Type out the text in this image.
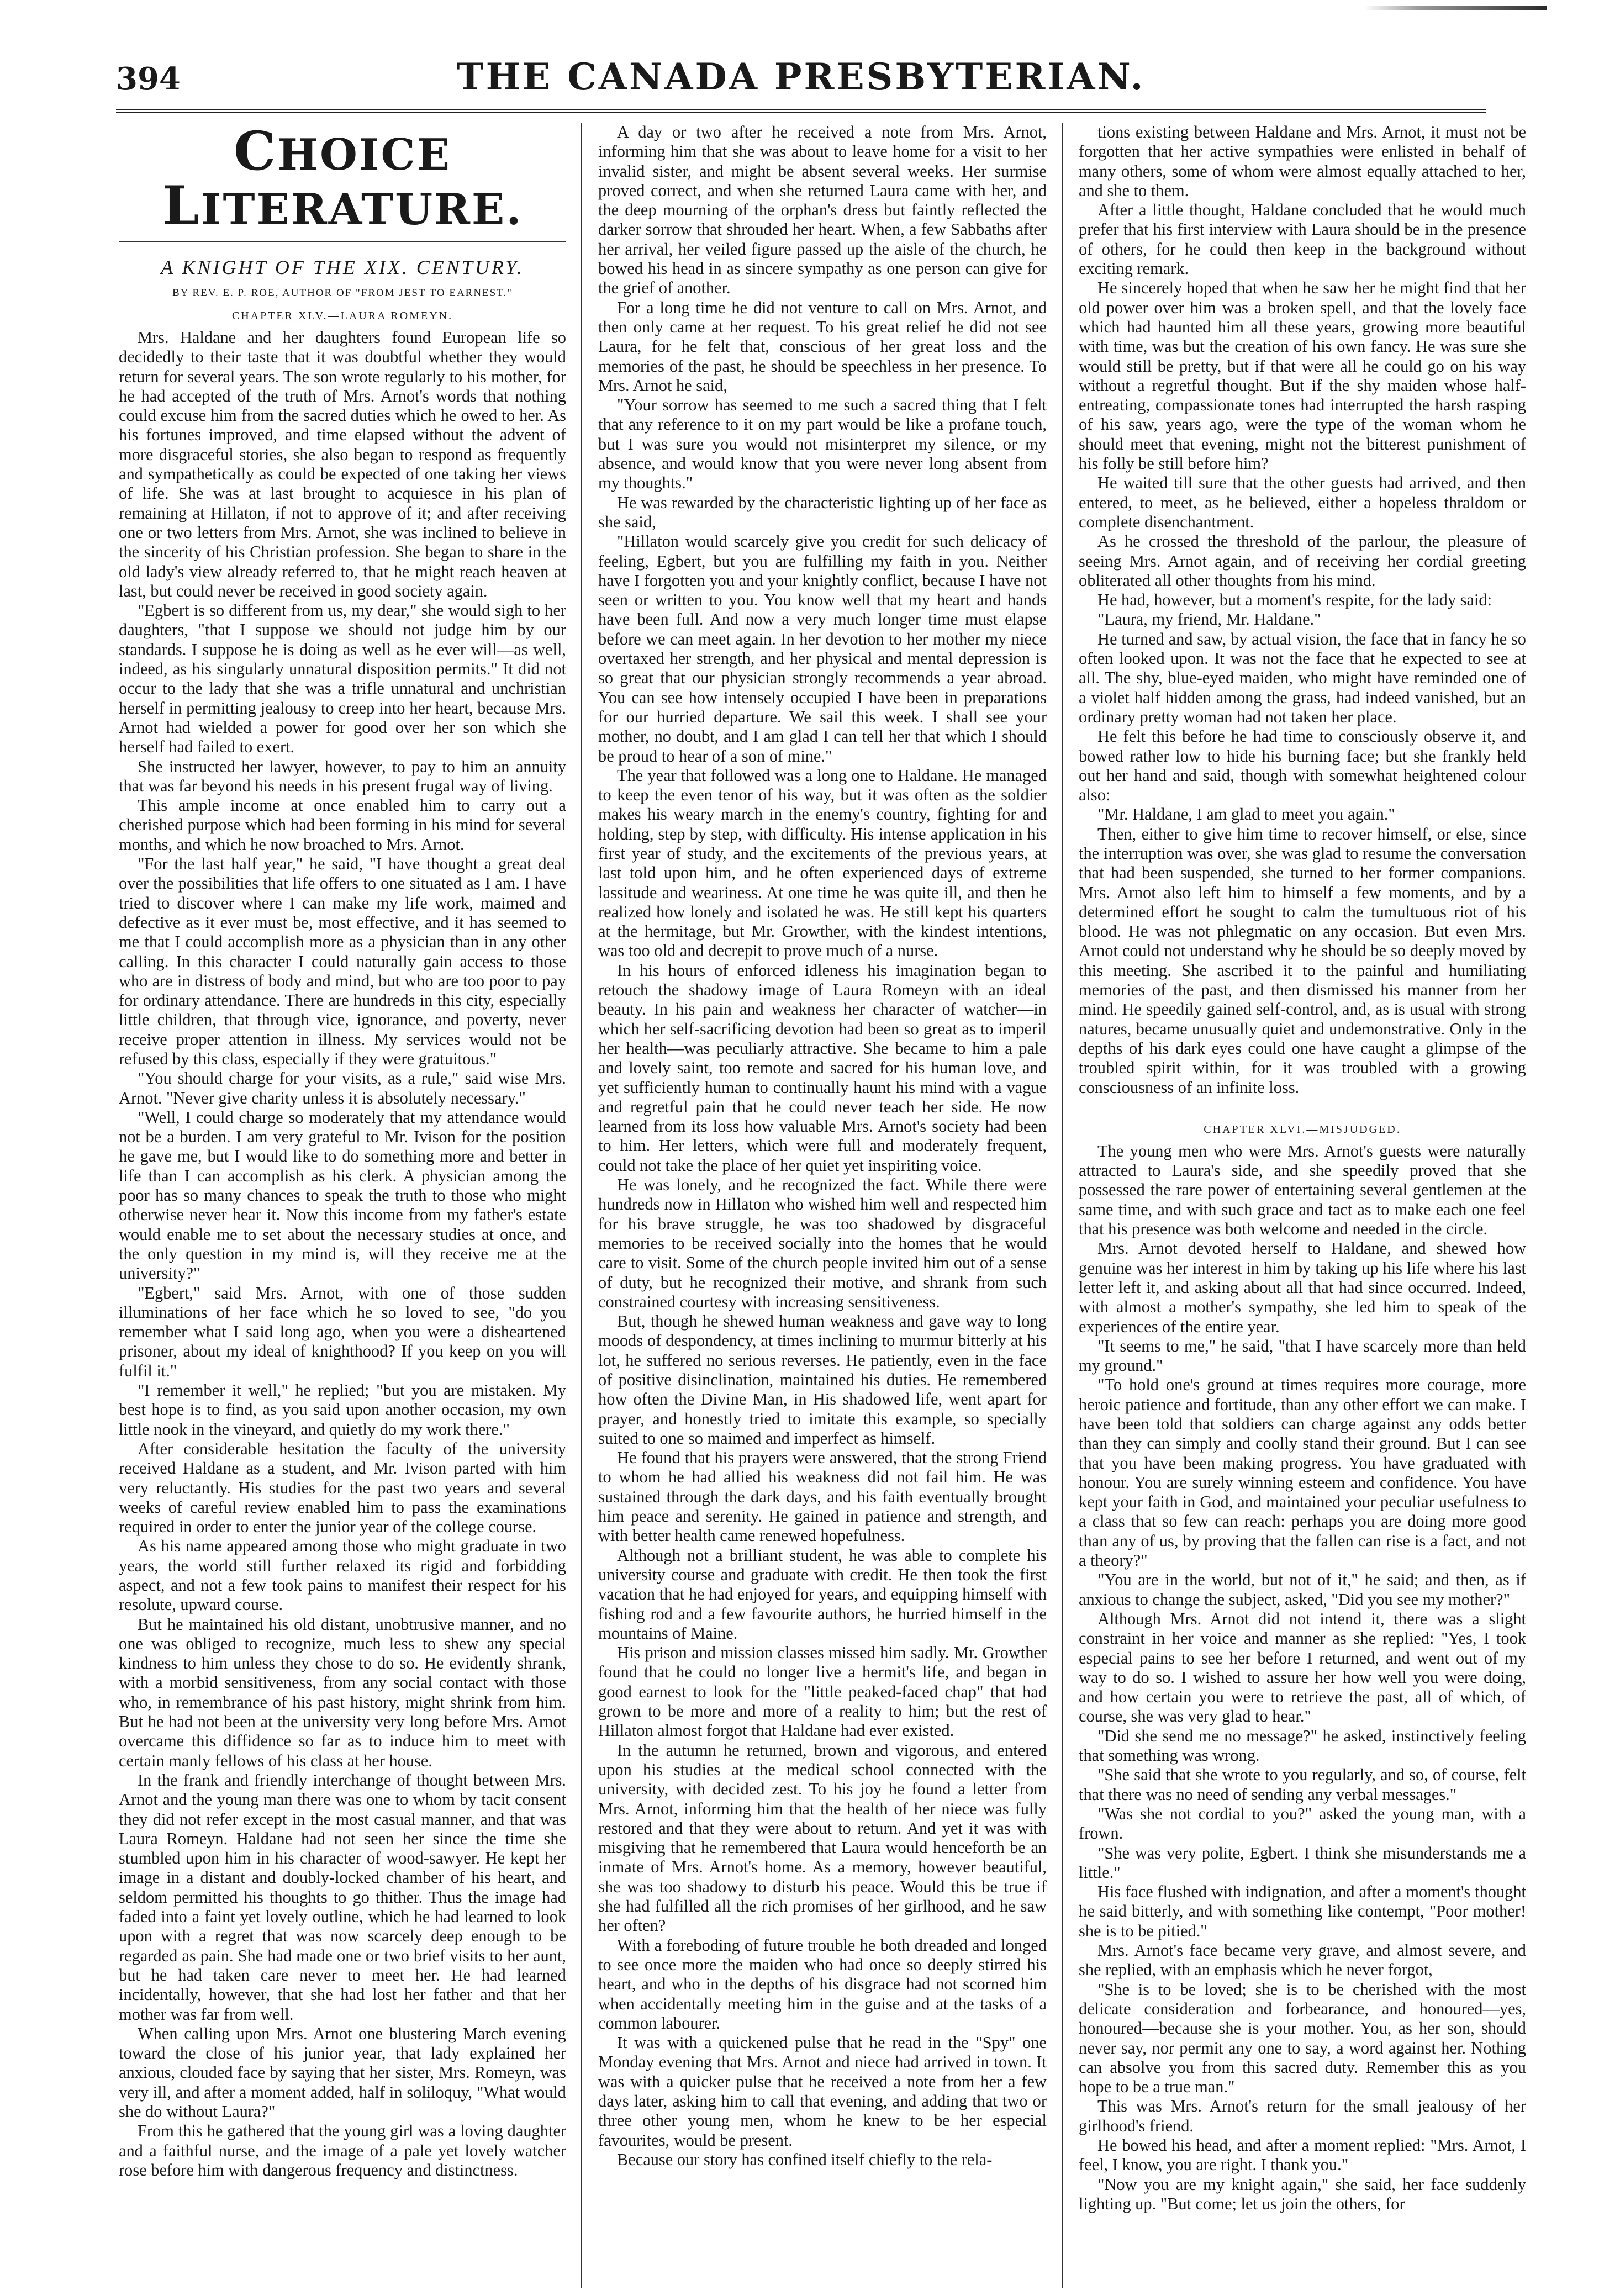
394	THE CANADA PRESBYTERIAN.
CHOICE LITERATURE.
A KNIGHT OF THE XIX. CENTURY.
BY REV. E. P. ROE, AUTHOR OF "FROM JEST TO EARNEST."
CHAPTER XLV.—LAURA ROMEYN.

Mrs. Haldane and her daughters found European life so decidedly to their taste that it was doubtful whether they would return for several years. The son wrote regularly to his mother, for he had accepted of the truth of Mrs. Arnot's words that nothing could excuse him from the sacred duties which he owed to her. As his fortunes improved, and time elapsed without the advent of more disgraceful stories, she also began to respond as frequently and sympathetically as could be expected of one taking her views of life. She was at last brought to acquiesce in his plan of remaining at Hillaton, if not to approve of it; and after receiving one or two letters from Mrs. Arnot, she was inclined to believe in the sincerity of his Christian profession. She began to share in the old lady's view already referred to, that he might reach heaven at last, but could never be received in good society again.

"Egbert is so different from us, my dear," she would sigh to her daughters, "that I suppose we should not judge him by our standards. I suppose he is doing as well as he ever will—as well, indeed, as his singularly unnatural disposition permits." It did not occur to the lady that she was a trifle unnatural and unchristian herself in permitting jealousy to creep into her heart, because Mrs. Arnot had wielded a power for good over her son which she herself had failed to exert.

She instructed her lawyer, however, to pay to him an annuity that was far beyond his needs in his present frugal way of living.

This ample income at once enabled him to carry out a cherished purpose which had been forming in his mind for several months, and which he now broached to Mrs. Arnot.

"For the last half year," he said, "I have thought a great deal over the possibilities that life offers to one situated as I am. I have tried to discover where I can make my life work, maimed and defective as it ever must be, most effective, and it has seemed to me that I could accomplish more as a physician than in any other calling. In this character I could naturally gain access to those who are in distress of body and mind, but who are too poor to pay for ordinary attendance. There are hundreds in this city, especially little children, that through vice, ignorance, and poverty, never receive proper attention in illness. My services would not be refused by this class, especially if they were gratuitous."

"You should charge for your visits, as a rule," said wise Mrs. Arnot. "Never give charity unless it is absolutely necessary."

"Well, I could charge so moderately that my attendance would not be a burden. I am very grateful to Mr. Ivison for the position he gave me, but I would like to do something more and better in life than I can accomplish as his clerk. A physician among the poor has so many chances to speak the truth to those who might otherwise never hear it. Now this income from my father's estate would enable me to set about the necessary studies at once, and the only question in my mind is, will they receive me at the university?"

"Egbert," said Mrs. Arnot, with one of those sudden illuminations of her face which he so loved to see, "do you remember what I said long ago, when you were a disheartened prisoner, about my ideal of knighthood? If you keep on you will fulfil it."

"I remember it well," he replied; "but you are mistaken. My best hope is to find, as you said upon another occasion, my own little nook in the vineyard, and quietly do my work there."

After considerable hesitation the faculty of the university received Haldane as a student, and Mr. Ivison parted with him very reluctantly. His studies for the past two years and several weeks of careful review enabled him to pass the examinations required in order to enter the junior year of the college course.

As his name appeared among those who might graduate in two years, the world still further relaxed its rigid and forbidding aspect, and not a few took pains to manifest their respect for his resolute, upward course.

But he maintained his old distant, unobtrusive manner, and no one was obliged to recognize, much less to shew any special kindness to him unless they chose to do so. He evidently shrank, with a morbid sensitiveness, from any social contact with those who, in remembrance of his past history, might shrink from him. But he had not been at the university very long before Mrs. Arnot overcame this diffidence so far as to induce him to meet with certain manly fellows of his class at her house.

In the frank and friendly interchange of thought between Mrs. Arnot and the young man there was one to whom by tacit consent they did not refer except in the most casual manner, and that was Laura Romeyn. Haldane had not seen her since the time she stumbled upon him in his character of wood-sawyer. He kept her image in a distant and doubly-locked chamber of his heart, and seldom permitted his thoughts to go thither. Thus the image had faded into a faint yet lovely outline, which he had learned to look upon with a regret that was now scarcely deep enough to be regarded as pain. She had made one or two brief visits to her aunt, but he had taken care never to meet her. He had learned incidentally, however, that she had lost her father and that her mother was far from well.

When calling upon Mrs. Arnot one blustering March evening toward the close of his junior year, that lady explained her anxious, clouded face by saying that her sister, Mrs. Romeyn, was very ill, and after a moment added, half in soliloquy, "What would she do without Laura?"

From this he gathered that the young girl was a loving daughter and a faithful nurse, and the image of a pale yet lovely watcher rose before him with dangerous frequency and distinctness.

A day or two after he received a note from Mrs. Arnot, informing him that she was about to leave home for a visit to her invalid sister, and might be absent several weeks. Her surmise proved correct, and when she returned Laura came with her, and the deep mourning of the orphan's dress but faintly reflected the darker sorrow that shrouded her heart. When, a few Sabbaths after her arrival, her veiled figure passed up the aisle of the church, he bowed his head in as sincere sympathy as one person can give for the grief of another.

For a long time he did not venture to call on Mrs. Arnot, and then only came at her request. To his great relief he did not see Laura, for he felt that, conscious of her great loss and the memories of the past, he should be speechless in her presence. To Mrs. Arnot he said,

"Your sorrow has seemed to me such a sacred thing that I felt that any reference to it on my part would be like a profane touch, but I was sure you would not misinterpret my silence, or my absence, and would know that you were never long absent from my thoughts."

He was rewarded by the characteristic lighting up of her face as she said,

"Hillaton would scarcely give you credit for such delicacy of feeling, Egbert, but you are fulfilling my faith in you. Neither have I forgotten you and your knightly conflict, because I have not seen or written to you. You know well that my heart and hands have been full. And now a very much longer time must elapse before we can meet again. In her devotion to her mother my niece overtaxed her strength, and her physical and mental depression is so great that our physician strongly recommends a year abroad. You can see how intensely occupied I have been in preparations for our hurried departure. We sail this week. I shall see your mother, no doubt, and I am glad I can tell her that which I should be proud to hear of a son of mine."

The year that followed was a long one to Haldane. He managed to keep the even tenor of his way, but it was often as the soldier makes his weary march in the enemy's country, fighting for and holding, step by step, with difficulty. His intense application in his first year of study, and the excitements of the previous years, at last told upon him, and he often experienced days of extreme lassitude and weariness. At one time he was quite ill, and then he realized how lonely and isolated he was. He still kept his quarters at the hermitage, but Mr. Growther, with the kindest intentions, was too old and decrepit to prove much of a nurse.

In his hours of enforced idleness his imagination began to retouch the shadowy image of Laura Romeyn with an ideal beauty. In his pain and weakness her character of watcher—in which her self-sacrificing devotion had been so great as to imperil her health—was peculiarly attractive. She became to him a pale and lovely saint, too remote and sacred for his human love, and yet sufficiently human to continually haunt his mind with a vague and regretful pain that he could never teach her side. He now learned from its loss how valuable Mrs. Arnot's society had been to him. Her letters, which were full and moderately frequent, could not take the place of her quiet yet inspiriting voice.

He was lonely, and he recognized the fact. While there were hundreds now in Hillaton who wished him well and respected him for his brave struggle, he was too shadowed by disgraceful memories to be received socially into the homes that he would care to visit. Some of the church people invited him out of a sense of duty, but he recognized their motive, and shrank from such constrained courtesy with increasing sensitiveness.

But, though he shewed human weakness and gave way to long moods of despondency, at times inclining to murmur bitterly at his lot, he suffered no serious reverses. He patiently, even in the face of positive disinclination, maintained his duties. He remembered how often the Divine Man, in His shadowed life, went apart for prayer, and honestly tried to imitate this example, so specially suited to one so maimed and imperfect as himself.

He found that his prayers were answered, that the strong Friend to whom he had allied his weakness did not fail him. He was sustained through the dark days, and his faith eventually brought him peace and serenity. He gained in patience and strength, and with better health came renewed hopefulness.

Although not a brilliant student, he was able to complete his university course and graduate with credit. He then took the first vacation that he had enjoyed for years, and equipping himself with fishing rod and a few favourite authors, he hurried himself in the mountains of Maine.

His prison and mission classes missed him sadly. Mr. Growther found that he could no longer live a hermit's life, and began in good earnest to look for the "little peaked-faced chap" that had grown to be more and more of a reality to him; but the rest of Hillaton almost forgot that Haldane had ever existed.

In the autumn he returned, brown and vigorous, and entered upon his studies at the medical school connected with the university, with decided zest. To his joy he found a letter from Mrs. Arnot, informing him that the health of her niece was fully restored and that they were about to return. And yet it was with misgiving that he remembered that Laura would henceforth be an inmate of Mrs. Arnot's home. As a memory, however beautiful, she was too shadowy to disturb his peace. Would this be true if she had fulfilled all the rich promises of her girlhood, and he saw her often?

With a foreboding of future trouble he both dreaded and longed to see once more the maiden who had once so deeply stirred his heart, and who in the depths of his disgrace had not scorned him when accidentally meeting him in the guise and at the tasks of a common labourer.

It was with a quickened pulse that he read in the "Spy" one Monday evening that Mrs. Arnot and niece had arrived in town. It was with a quicker pulse that he received a note from her a few days later, asking him to call that evening, and adding that two or three other young men, whom he knew to be her especial favourites, would be present.

Because our story has confined itself chiefly to the rela-

tions existing between Haldane and Mrs. Arnot, it must not be forgotten that her active sympathies were enlisted in behalf of many others, some of whom were almost equally attached to her, and she to them.

After a little thought, Haldane concluded that he would much prefer that his first interview with Laura should be in the presence of others, for he could then keep in the background without exciting remark.

He sincerely hoped that when he saw her he might find that her old power over him was a broken spell, and that the lovely face which had haunted him all these years, growing more beautiful with time, was but the creation of his own fancy. He was sure she would still be pretty, but if that were all he could go on his way without a regretful thought. But if the shy maiden whose half-entreating, compassionate tones had interrupted the harsh rasping of his saw, years ago, were the type of the woman whom he should meet that evening, might not the bitterest punishment of his folly be still before him?

He waited till sure that the other guests had arrived, and then entered, to meet, as he believed, either a hopeless thraldom or complete disenchantment.

As he crossed the threshold of the parlour, the pleasure of seeing Mrs. Arnot again, and of receiving her cordial greeting obliterated all other thoughts from his mind.

He had, however, but a moment's respite, for the lady said:

"Laura, my friend, Mr. Haldane."

He turned and saw, by actual vision, the face that in fancy he so often looked upon. It was not the face that he expected to see at all. The shy, blue-eyed maiden, who might have reminded one of a violet half hidden among the grass, had indeed vanished, but an ordinary pretty woman had not taken her place.

He felt this before he had time to consciously observe it, and bowed rather low to hide his burning face; but she frankly held out her hand and said, though with somewhat heightened colour also:

"Mr. Haldane, I am glad to meet you again."

Then, either to give him time to recover himself, or else, since the interruption was over, she was glad to resume the conversation that had been suspended, she turned to her former companions. Mrs. Arnot also left him to himself a few moments, and by a determined effort he sought to calm the tumultuous riot of his blood. He was not phlegmatic on any occasion. But even Mrs. Arnot could not understand why he should be so deeply moved by this meeting. She ascribed it to the painful and humiliating memories of the past, and then dismissed his manner from her mind. He speedily gained self-control, and, as is usual with strong natures, became unusually quiet and undemonstrative. Only in the depths of his dark eyes could one have caught a glimpse of the troubled spirit within, for it was troubled with a growing consciousness of an infinite loss.

CHAPTER XLVI.—MISJUDGED.

The young men who were Mrs. Arnot's guests were naturally attracted to Laura's side, and she speedily proved that she possessed the rare power of entertaining several gentlemen at the same time, and with such grace and tact as to make each one feel that his presence was both welcome and needed in the circle.

Mrs. Arnot devoted herself to Haldane, and shewed how genuine was her interest in him by taking up his life where his last letter left it, and asking about all that had since occurred. Indeed, with almost a mother's sympathy, she led him to speak of the experiences of the entire year.

"It seems to me," he said, "that I have scarcely more than held my ground."

"To hold one's ground at times requires more courage, more heroic patience and fortitude, than any other effort we can make. I have been told that soldiers can charge against any odds better than they can simply and coolly stand their ground. But I can see that you have been making progress. You have graduated with honour. You are surely winning esteem and confidence. You have kept your faith in God, and maintained your peculiar usefulness to a class that so few can reach: perhaps you are doing more good than any of us, by proving that the fallen can rise is a fact, and not a theory?"

"You are in the world, but not of it," he said; and then, as if anxious to change the subject, asked, "Did you see my mother?"

Although Mrs. Arnot did not intend it, there was a slight constraint in her voice and manner as she replied: "Yes, I took especial pains to see her before I returned, and went out of my way to do so. I wished to assure her how well you were doing, and how certain you were to retrieve the past, all of which, of course, she was very glad to hear."

"Did she send me no message?" he asked, instinctively feeling that something was wrong.

"She said that she wrote to you regularly, and so, of course, felt that there was no need of sending any verbal messages."

"Was she not cordial to you?" asked the young man, with a frown.

"She was very polite, Egbert. I think she misunderstands me a little."

His face flushed with indignation, and after a moment's thought he said bitterly, and with something like contempt, "Poor mother! she is to be pitied."

Mrs. Arnot's face became very grave, and almost severe, and she replied, with an emphasis which he never forgot,

"She is to be loved; she is to be cherished with the most delicate consideration and forbearance, and honoured—yes, honoured—because she is your mother. You, as her son, should never say, nor permit any one to say, a word against her. Nothing can absolve you from this sacred duty. Remember this as you hope to be a true man."

This was Mrs. Arnot's return for the small jealousy of her girlhood's friend.

He bowed his head, and after a moment replied: "Mrs. Arnot, I feel, I know, you are right. I thank you."

"Now you are my knight again," she said, her face suddenly lighting up. "But come; let us join the others, for
